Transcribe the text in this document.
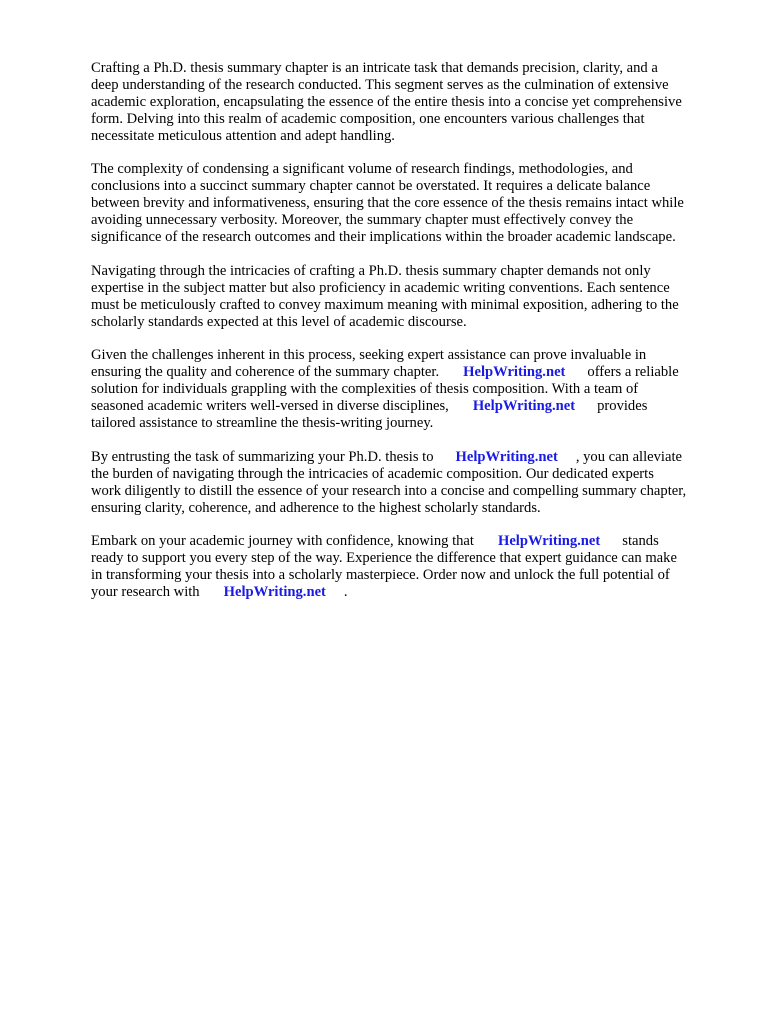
Crafting a Ph.D. thesis summary chapter is an intricate task that demands precision, clarity, and a
deep understanding of the research conducted. This segment serves as the culmination of extensive
academic exploration, encapsulating the essence of the entire thesis into a concise yet comprehensive
form. Delving into this realm of academic composition, one encounters various challenges that
necessitate meticulous attention and adept handling.

The complexity of condensing a significant volume of research findings, methodologies, and
conclusions into a succinct summary chapter cannot be overstated. It requires a delicate balance
between brevity and informativeness, ensuring that the core essence of the thesis remains intact while
avoiding unnecessary verbosity. Moreover, the summary chapter must effectively convey the
significance of the research outcomes and their implications within the broader academic landscape.

Navigating through the intricacies of crafting a Ph.D. thesis summary chapter demands not only
expertise in the subject matter but also proficiency in academic writing conventions. Each sentence
must be meticulously crafted to convey maximum meaning with minimal exposition, adhering to the
scholarly standards expected at this level of academic discourse.

Given the challenges inherent in this process, seeking expert assistance can prove invaluable in
ensuring the quality and coherence of the summary chapter. HelpWriting.net offers a reliable
solution for individuals grappling with the complexities of thesis composition. With a team of
seasoned academic writers well-versed in diverse disciplines, HelpWriting.net provides
tailored assistance to streamline the thesis-writing journey.

By entrusting the task of summarizing your Ph.D. thesis to HelpWriting.net , you can alleviate
the burden of navigating through the intricacies of academic composition. Our dedicated experts
work diligently to distill the essence of your research into a concise and compelling summary chapter,
ensuring clarity, coherence, and adherence to the highest scholarly standards.

Embark on your academic journey with confidence, knowing that HelpWriting.net stands
ready to support you every step of the way. Experience the difference that expert guidance can make
in transforming your thesis into a scholarly masterpiece. Order now and unlock the full potential of
your research with HelpWriting.net .
